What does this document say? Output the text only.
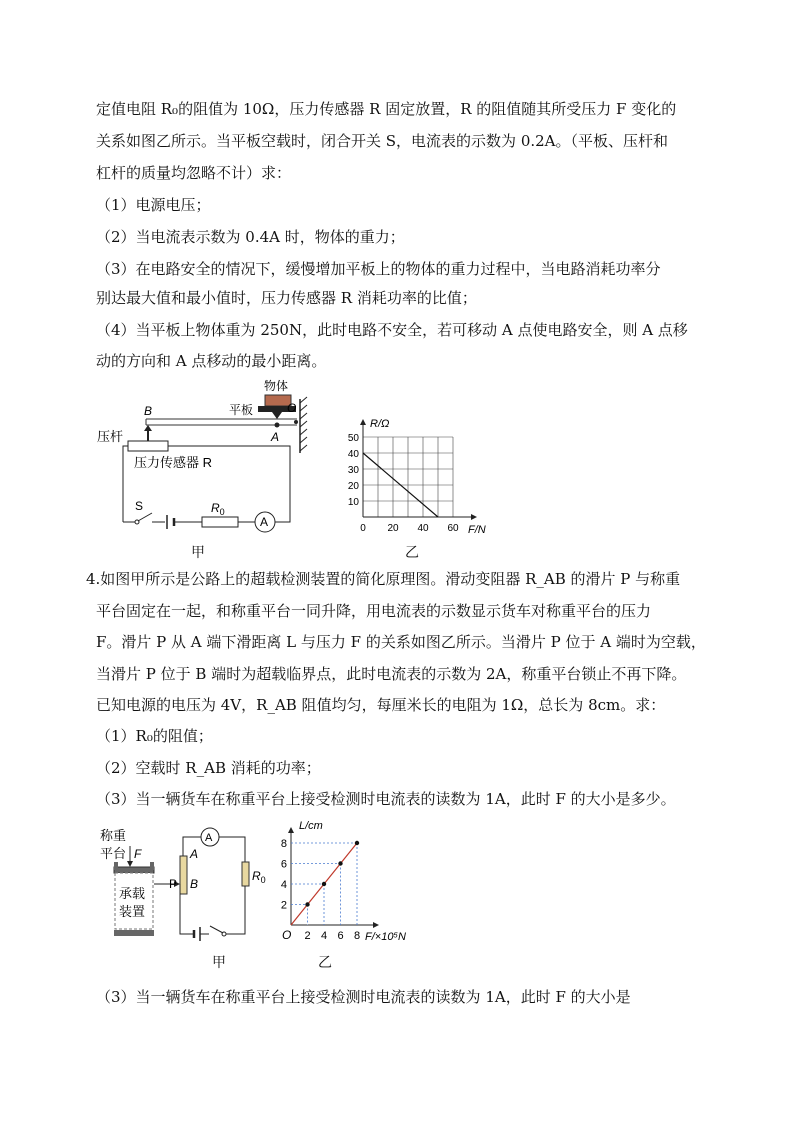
定值电阻 R₀的阻值为 10Ω，压力传感器 R 固定放置，R 的阻值随其所受压力 F 变化的
关系如图乙所示。当平板空载时，闭合开关 S，电流表的示数为 0.2A。（平板、压杆和
杠杆的质量均忽略不计）求：
（1）电源电压；
（2）当电流表示数为 0.4A 时，物体的重力；
（3）在电路安全的情况下，缓慢增加平板上的物体的重力过程中，当电路消耗功率分
别达最大值和最小值时，压力传感器 R 消耗功率的比值；
（4）当平板上物体重为 250N，此时电路不安全，若可移动 A 点使电路安全，则 A 点移
动的方向和 A 点移动的最小距离。
物体
平板	O
A
B
压杆
压力传感器 R
S	$R_0$
A
甲
0 20 40 60
10
20
30
40
50
R/Ω
F/N
乙
4.如图甲所示是公路上的超载检测装置的简化原理图。滑动变阻器 R_AB 的滑片 P 与称重
平台固定在一起，和称重平台一同升降，用电流表的示数显示货车对称重平台的压力
F。滑片 P 从 A 端下滑距离 L 与压力 F 的关系如图乙所示。当滑片 P 位于 A 端时为空载，
当滑片 P 位于 B 端时为超载临界点，此时电流表的示数为 2A，称重平台锁止不再下降。
已知电源的电压为 4V，R_AB 阻值均匀，每厘米长的电阻为 1Ω，总长为 8cm。求：
（1）R₀的阻值；
（2）空载时 R_AB 消耗的功率；
（3）当一辆货车在称重平台上接受检测时电流表的读数为 1A，此时 F 的大小是多少。
称重
平台 F
承载
装置
P
A
B
A
$R_0$
甲
2 4 6 8
2
4
6
8
O
L/cm
F/×10⁵N
乙
（3）当一辆货车在称重平台上接受检测时电流表的读数为 1A，此时 F 的大小是
